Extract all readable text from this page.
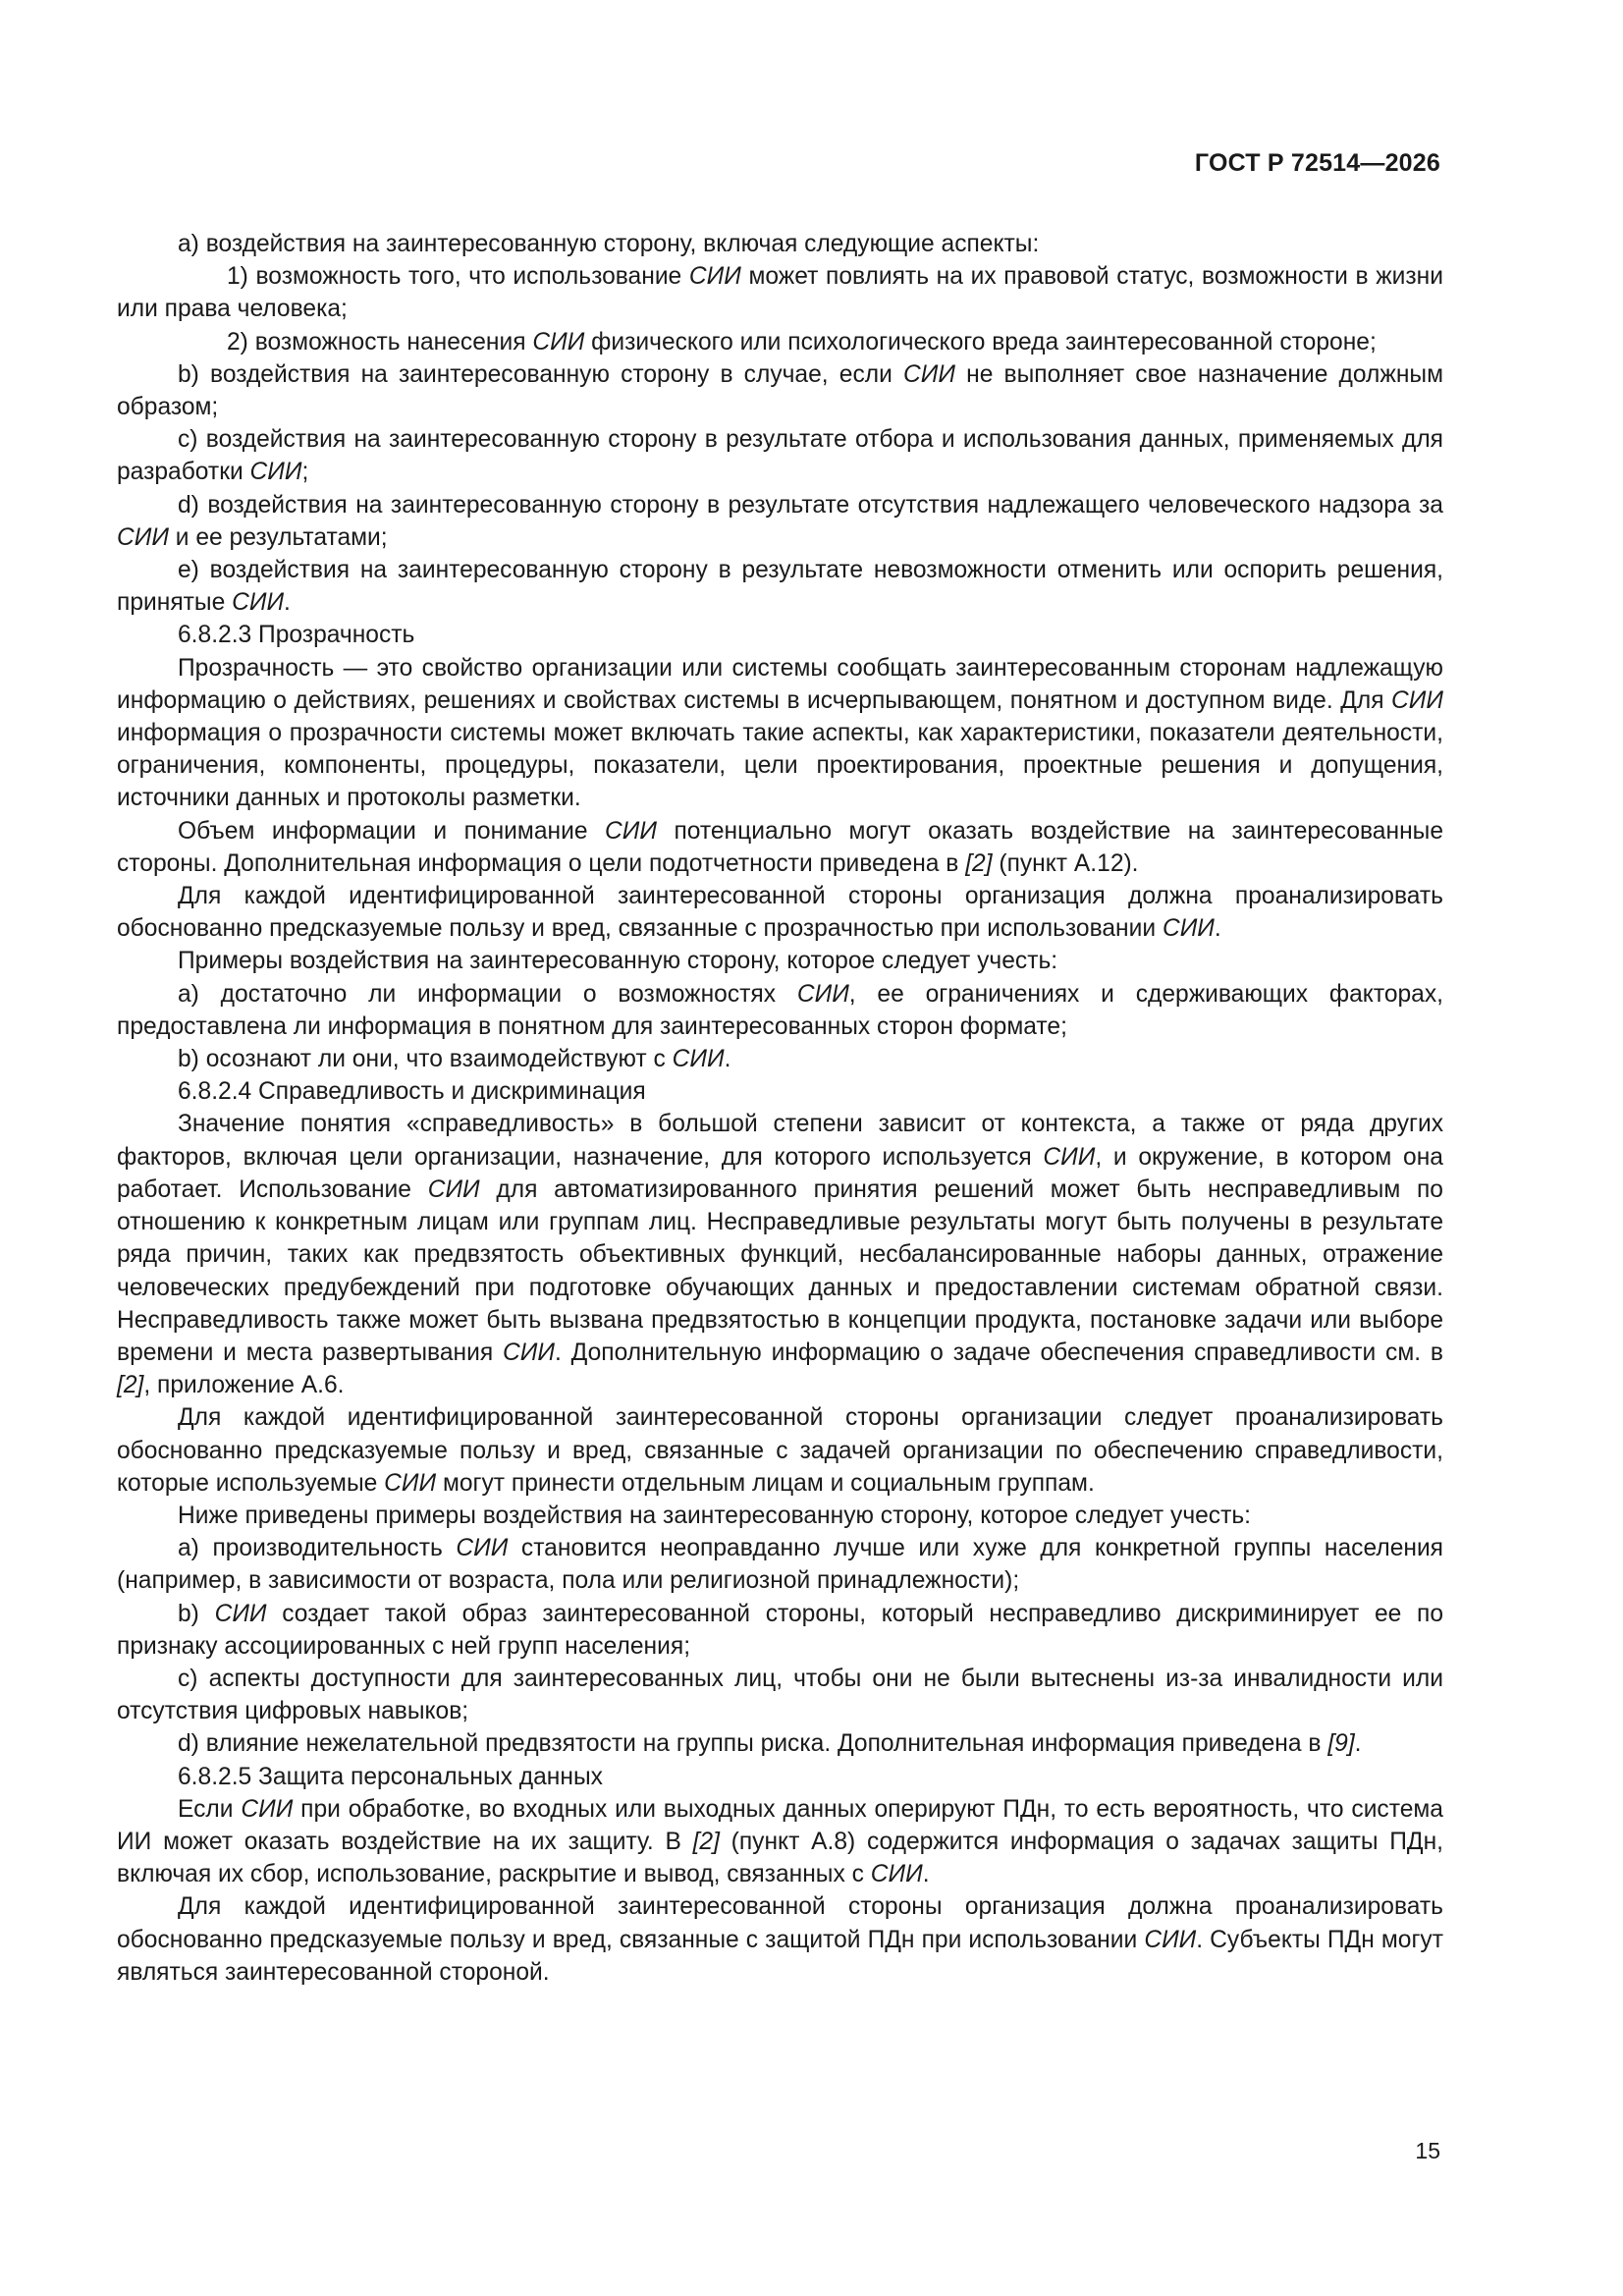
ГОСТ Р 72514—2026

а) воздействия на заинтересованную сторону, включая следующие аспекты:

1) возможность того, что использование СИИ может повлиять на их правовой статус, возможности в жизни или права человека;

2) возможность нанесения СИИ физического или психологического вреда заинтересованной стороне;

b) воздействия на заинтересованную сторону в случае, если СИИ не выполняет свое назначение должным образом;

с) воздействия на заинтересованную сторону в результате отбора и использования данных, применяемых для разработки СИИ;

d) воздействия на заинтересованную сторону в результате отсутствия надлежащего человеческого надзора за СИИ и ее результатами;

е) воздействия на заинтересованную сторону в результате невозможности отменить или оспорить решения, принятые СИИ.

6.8.2.3 Прозрачность

Прозрачность — это свойство организации или системы сообщать заинтересованным сторонам надлежащую информацию о действиях, решениях и свойствах системы в исчерпывающем, понятном и доступном виде. Для СИИ информация о прозрачности системы может включать такие аспекты, как характеристики, показатели деятельности, ограничения, компоненты, процедуры, показатели, цели проектирования, проектные решения и допущения, источники данных и протоколы разметки.

Объем информации и понимание СИИ потенциально могут оказать воздействие на заинтересованные стороны. Дополнительная информация о цели подотчетности приведена в [2] (пункт А.12).

Для каждой идентифицированной заинтересованной стороны организация должна проанализировать обоснованно предсказуемые пользу и вред, связанные с прозрачностью при использовании СИИ.

Примеры воздействия на заинтересованную сторону, которое следует учесть:

а) достаточно ли информации о возможностях СИИ, ее ограничениях и сдерживающих факторах, предоставлена ли информация в понятном для заинтересованных сторон формате;

b) осознают ли они, что взаимодействуют с СИИ.

6.8.2.4 Справедливость и дискриминация

Значение понятия «справедливость» в большой степени зависит от контекста, а также от ряда других факторов, включая цели организации, назначение, для которого используется СИИ, и окружение, в котором она работает. Использование СИИ для автоматизированного принятия решений может быть несправедливым по отношению к конкретным лицам или группам лиц. Несправедливые результаты могут быть получены в результате ряда причин, таких как предвзятость объективных функций, несбалансированные наборы данных, отражение человеческих предубеждений при подготовке обучающих данных и предоставлении системам обратной связи. Несправедливость также может быть вызвана предвзятостью в концепции продукта, постановке задачи или выборе времени и места развертывания СИИ. Дополнительную информацию о задаче обеспечения справедливости см. в [2], приложение А.6.

Для каждой идентифицированной заинтересованной стороны организации следует проанализировать обоснованно предсказуемые пользу и вред, связанные с задачей организации по обеспечению справедливости, которые используемые СИИ могут принести отдельным лицам и социальным группам.

Ниже приведены примеры воздействия на заинтересованную сторону, которое следует учесть:

а) производительность СИИ становится неоправданно лучше или хуже для конкретной группы населения (например, в зависимости от возраста, пола или религиозной принадлежности);

b) СИИ создает такой образ заинтересованной стороны, который несправедливо дискриминирует ее по признаку ассоциированных с ней групп населения;

с) аспекты доступности для заинтересованных лиц, чтобы они не были вытеснены из-за инвалидности или отсутствия цифровых навыков;

d) влияние нежелательной предвзятости на группы риска. Дополнительная информация приведена в [9].

6.8.2.5 Защита персональных данных

Если СИИ при обработке, во входных или выходных данных оперируют ПДн, то есть вероятность, что система ИИ может оказать воздействие на их защиту. В [2] (пункт А.8) содержится информация о задачах защиты ПДн, включая их сбор, использование, раскрытие и вывод, связанных с СИИ.

Для каждой идентифицированной заинтересованной стороны организация должна проанализировать обоснованно предсказуемые пользу и вред, связанные с защитой ПДн при использовании СИИ. Субъекты ПДн могут являться заинтересованной стороной.

15
